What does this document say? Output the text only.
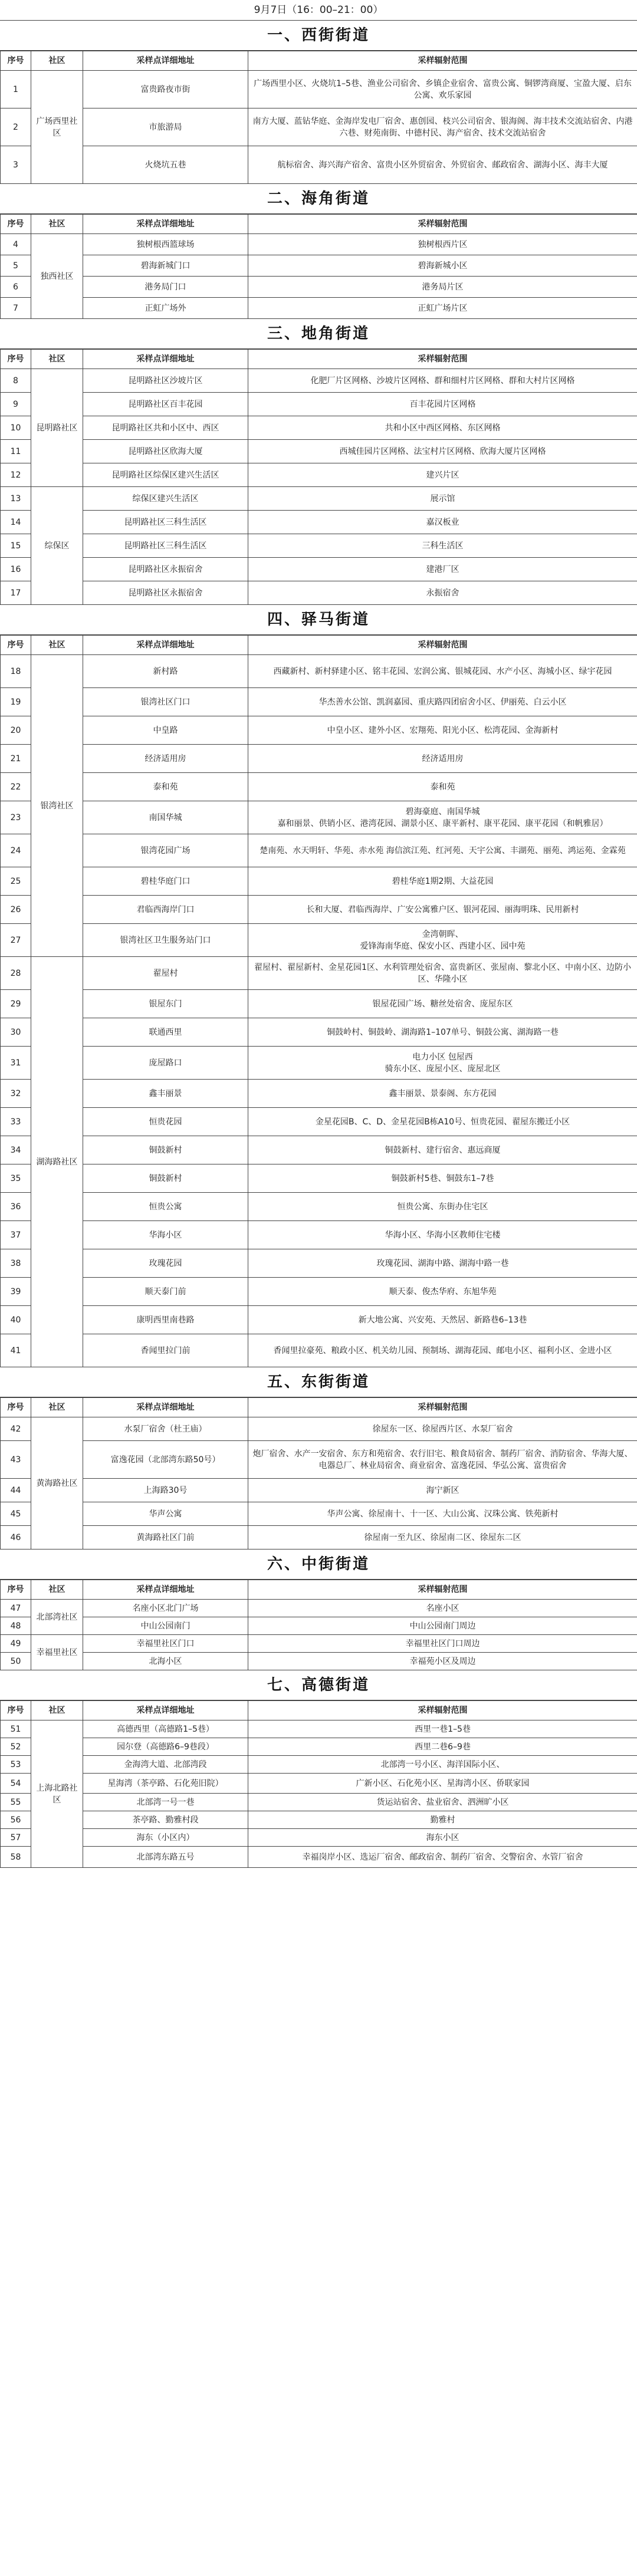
9月7日（16：00–21：00）
一、西街街道
序号	社区	采样点详细地址	采样辐射范围
1	广场西里社区	富贵路夜市街	广场西里小区、火烧坑1–5巷、渔业公司宿舍、乡镇企业宿舍、富贵公寓、铜锣湾商厦、宝盈大厦、启东公寓、欢乐家园
2		市旅游局	南方大厦、蓝钻华庭、金海岸发电厂宿舍、惠创园、枝兴公司宿舍、银海阁、海丰技术交流站宿舍、内港六巷、财苑南街、中德村民、海产宿舍、技术交流站宿舍
3		火烧坑五巷	航标宿舍、海兴海产宿舍、富贵小区外贸宿舍、外贸宿舍、邮政宿舍、湖海小区、海丰大厦
二、海角街道
序号	社区	采样点详细地址	采样辐射范围
4	独西社区	独树根西篮球场	独树根西片区
5		碧海新城门口	碧海新城小区
6		港务局门口	港务局片区
7		正虹广场外	正虹广场片区
三、地角街道
序号	社区	采样点详细地址	采样辐射范围
8	昆明路社区	昆明路社区沙坡片区	化肥厂片区网格、沙坡片区网格、群和细村片区网格、群和大村片区网格
9		昆明路社区百丰花园	百丰花园片区网格
10		昆明路社区共和小区中、西区	共和小区中西区网格、东区网格
11		昆明路社区欣海大厦	西城佳园片区网格、法宝村片区网格、欣海大厦片区网格
12		昆明路社区综保区建兴生活区	建兴片区
13	综保区	综保区建兴生活区	展示馆
14		昆明路社区三科生活区	嘉汉板业
15		昆明路社区三科生活区	三科生活区
16		昆明路社区永振宿舍	建港厂区
17		昆明路社区永振宿舍	永振宿舍
四、驿马街道
序号	社区	采样点详细地址	采样辐射范围
18	银湾社区	新村路	西藏新村、新村驿建小区、铭丰花园、宏润公寓、银城花园、水产小区、海城小区、绿宇花园
19		银湾社区门口	华杰善水公馆、凯润嘉园、重庆路四团宿舍小区、伊丽苑、白云小区
20		中皇路	中皇小区、建外小区、宏翔苑、阳光小区、松湾花园、金海新村
21		经济适用房	经济适用房
22		泰和苑	泰和苑
23		南国华城	碧海豪庭、南国华城
嘉和丽景、供销小区、港湾花园、湖景小区、康平新村、康平花园、康平花园（和帆雅居）
24		银湾花园广场	楚南苑、水天明轩、华苑、赤水苑 海信滨江苑、红河苑、天宇公寓、丰湖苑、丽苑、鸿运苑、金霖苑
25		碧桂华庭门口	碧桂华庭1期2期、大益花园
26		君临西海岸门口	长和大厦、君临西海岸、广安公寓雅户区、银河花园、丽海明珠、民用新村
27		银湾社区卫生服务站门口	金湾朝晖、
爱锋海南华庭、保安小区、西建小区、园中苑
28	湖海路社区	翟屋村	翟屋村、翟屋新村、金星花园1区、水利管理处宿舍、富贵新区、张屋南、黎北小区、中南小区、边防小区、华隆小区
29		银屋东门	银屋花园广场、糖丝处宿舍、庞屋东区
30		联通西里	铜鼓岭村、铜鼓岭、湖海路1–107单号、铜鼓公寓、湖海路一巷
31		庞屋路口	电力小区 包屋西
骑东小区、庞屋小区、庞屋北区
32		鑫丰丽景	鑫丰丽景、景泰阁、东方花园
33		恒贵花园	金星花园B、C、D、金星花园B栋A10号、恒贵花园、翟屋东搬迁小区
34		铜鼓新村	铜鼓新村、建行宿舍、惠远商厦
35		铜鼓新村	铜鼓新村5巷、铜鼓东1–7巷
36		恒贵公寓	恒贵公寓、东街办住宅区
37		华海小区	华海小区、华海小区教师住宅楼
38		玫瑰花园	玫瑰花园、湖海中路、湖海中路一巷
39		顺天泰门前	顺天泰、俊杰华府、东旭华苑
40		康明西里南巷路	新大地公寓、兴安苑、天然居、新路巷6–13巷
41		香闻里拉门前	香闻里拉豪苑、粮政小区、机关幼儿园、预制场、湖海花园、邮电小区、福利小区、金进小区
五、东街街道
序号	社区	采样点详细地址	采样辐射范围
42	黄海路社区	水泵厂宿舍（杜王庙）	徐屋东一区、徐屋西片区、水泵厂宿舍
43		富逸花园（北部湾东路50号）	炮厂宿舍、水产一安宿舍、东方和苑宿舍、农行旧宅、粮食局宿舍、制药厂宿舍、消防宿舍、华海大厦、电器总厂、林业局宿舍、商业宿舍、富逸花园、华弘公寓、富贵宿舍
44		上海路30号	海宁新区
45		华声公寓	华声公寓、徐屋南十、十一区、大山公寓、汉珠公寓、铁苑新村
46		黄海路社区门前	徐屋南一至九区、徐屋南二区、徐屋东二区
六、中街街道
序号	社区	采样点详细地址	采样辐射范围
47	北部湾社区	名座小区北门广场	名座小区
48		中山公园南门	中山公园南门周边
49	幸福里社区	幸福里社区门口	幸福里社区门口周边
50		北海小区	幸福苑小区及周边
七、高德街道
序号	社区	采样点详细地址	采样辐射范围
51	上海北路社区	高德西里（高德路1–5巷）	西里一巷1–5巷
52		园尔登（高德路6–9巷段）	西里二巷6–9巷
53		金海湾大道、北部湾段	北部湾一号小区、海洋国际小区、
54		星海湾（茶亭路、石化苑旧院）	广新小区、石化苑小区、星海湾小区、侨联家园
55		北部湾一号一巷	货运站宿舍、盐业宿舍、泗洲旷小区
56		茶亭路、勤雅村段	勤雅村
57		海东（小区内）	海东小区
58		北部湾东路五号	幸福岗岸小区、选运厂宿舍、邮政宿舍、制药厂宿舍、交警宿舍、水管厂宿舍
